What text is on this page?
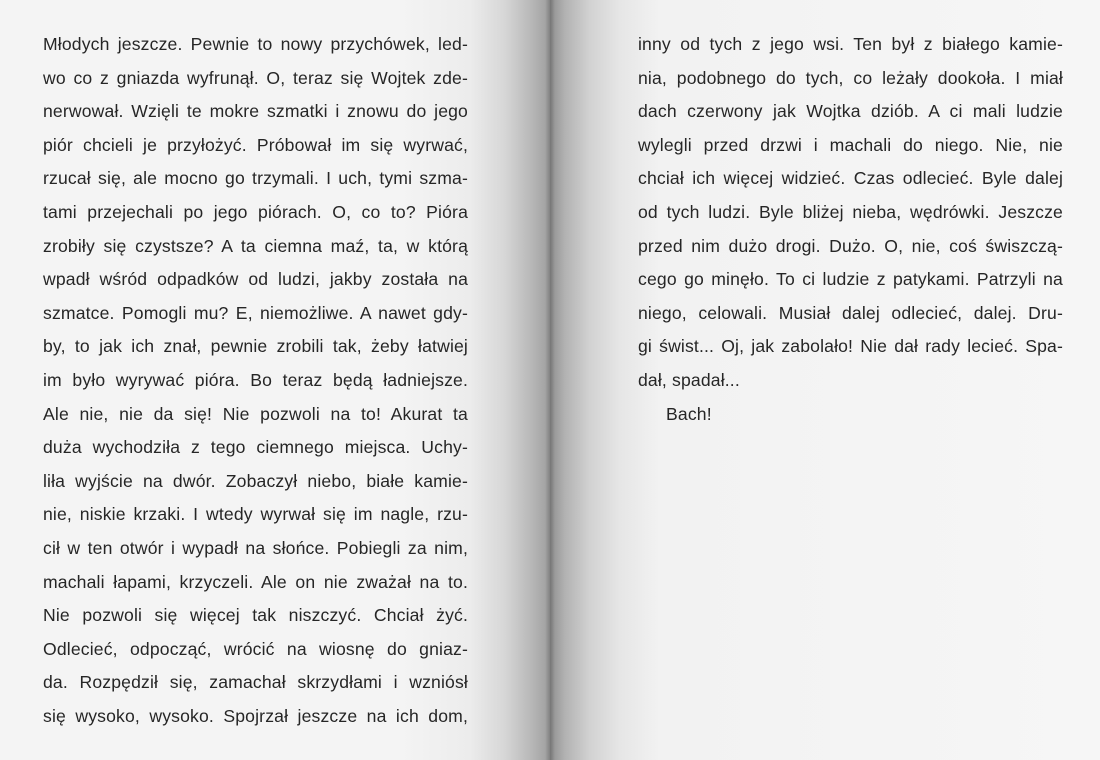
Młodych jeszcze. Pewnie to nowy przychówek, led-
wo co z gniazda wyfrunął. O, teraz się Wojtek zde-
nerwował. Wzięli te mokre szmatki i znowu do jego
piór chcieli je przyłożyć. Próbował im się wyrwać,
rzucał się, ale mocno go trzymali. I uch, tymi szma-
tami przejechali po jego piórach. O, co to? Pióra
zrobiły się czystsze? A ta ciemna maź, ta, w którą
wpadł wśród odpadków od ludzi, jakby została na
szmatce. Pomogli mu? E, niemożliwe. A nawet gdy-
by, to jak ich znał, pewnie zrobili tak, żeby łatwiej
im było wyrywać pióra. Bo teraz będą ładniejsze.
Ale nie, nie da się! Nie pozwoli na to! Akurat ta
duża wychodziła z tego ciemnego miejsca. Uchy-
liła wyjście na dwór. Zobaczył niebo, białe kamie-
nie, niskie krzaki. I wtedy wyrwał się im nagle, rzu-
cił w ten otwór i wypadł na słońce. Pobiegli za nim,
machali łapami, krzyczeli. Ale on nie zważał na to.
Nie pozwoli się więcej tak niszczyć. Chciał żyć.
Odlecieć, odpocząć, wrócić na wiosnę do gniaz-
da. Rozpędził się, zamachał skrzydłami i wzniósł
się wysoko, wysoko. Spojrzał jeszcze na ich dom,
inny od tych z jego wsi. Ten był z białego kamie-
nia, podobnego do tych, co leżały dookoła. I miał
dach czerwony jak Wojtka dziób. A ci mali ludzie
wylegli przed drzwi i machali do niego. Nie, nie
chciał ich więcej widzieć. Czas odlecieć. Byle dalej
od tych ludzi. Byle bliżej nieba, wędrówki. Jeszcze
przed nim dużo drogi. Dużo. O, nie, coś świszczą-
cego go minęło. To ci ludzie z patykami. Patrzyli na
niego, celowali. Musiał dalej odlecieć, dalej. Dru-
gi świst... Oj, jak zabolało! Nie dał rady lecieć. Spa-
dał, spadał...
Bach!
